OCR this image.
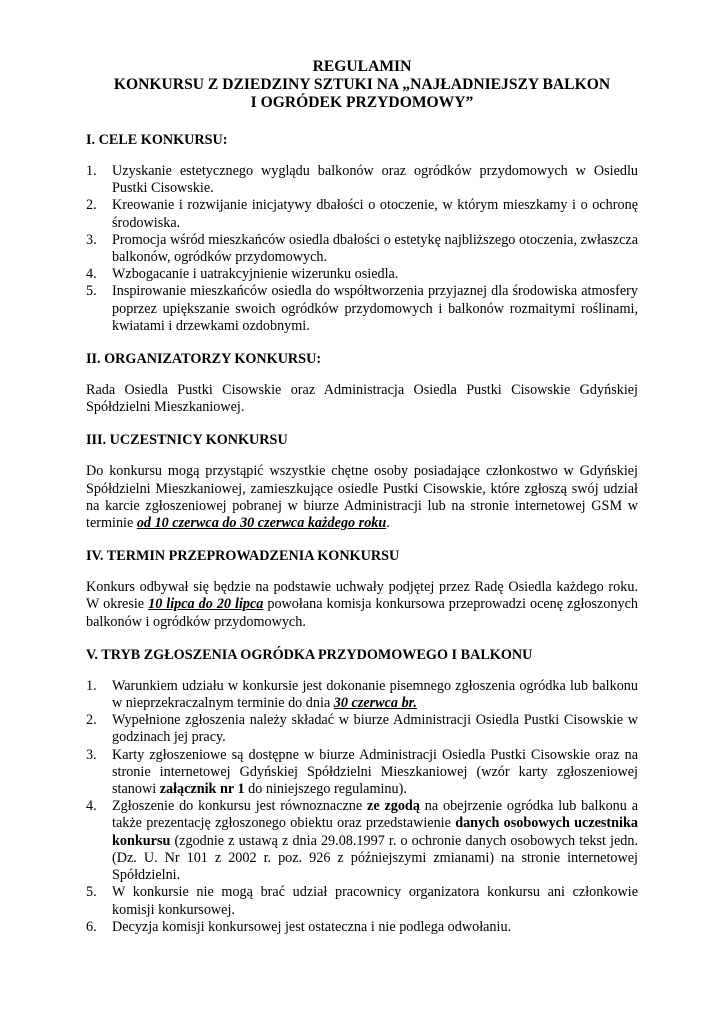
REGULAMIN

KONKURSU Z DZIEDZINY SZTUKI NA „NAJŁADNIEJSZY BALKON

I OGRÓDEK PRZYDOMOWY”

I. CELE KONKURSU:
1. Uzyskanie estetycznego wyglądu balkonów oraz ogródków przydomowych w Osiedlu Pustki Cisowskie.
2. Kreowanie i rozwijanie inicjatywy dbałości o otoczenie, w którym mieszkamy i o ochronę środowiska.
3. Promocja wśród mieszkańców osiedla dbałości o estetykę najbliższego otoczenia, zwłaszcza balkonów, ogródków przydomowych.
4. Wzbogacanie i uatrakcyjnienie wizerunku osiedla.
5. Inspirowanie mieszkańców osiedla do współtworzenia przyjaznej dla środowiska atmosfery poprzez upiększanie swoich ogródków przydomowych i balkonów rozmaitymi roślinami, kwiatami i drzewkami ozdobnymi.
II. ORGANIZATORZY KONKURSU:

Rada Osiedla Pustki Cisowskie oraz Administracja Osiedla Pustki Cisowskie Gdyńskiej Spółdzielni Mieszkaniowej.

III. UCZESTNICY KONKURSU

Do konkursu mogą przystąpić wszystkie chętne osoby posiadające członkostwo w Gdyńskiej Spółdzielni Mieszkaniowej, zamieszkujące osiedle Pustki Cisowskie, które zgłoszą swój udział na karcie zgłoszeniowej pobranej w biurze Administracji lub na stronie internetowej GSM w terminie od 10 czerwca do 30 czerwca każdego roku.

IV. TERMIN PRZEPROWADZENIA KONKURSU

Konkurs odbywał się będzie na podstawie uchwały podjętej przez Radę Osiedla każdego roku. W okresie 10 lipca do 20 lipca powołana komisja konkursowa przeprowadzi ocenę zgłoszonych balkonów i ogródków przydomowych.

V. TRYB ZGŁOSZENIA OGRÓDKA PRZYDOMOWEGO I BALKONU
1. Warunkiem udziału w konkursie jest dokonanie pisemnego zgłoszenia ogródka lub balkonu w nieprzekraczalnym terminie do dnia 30 czerwca br.
2. Wypełnione zgłoszenia należy składać w biurze Administracji Osiedla Pustki Cisowskie w godzinach jej pracy.
3. Karty zgłoszeniowe są dostępne w biurze Administracji Osiedla Pustki Cisowskie oraz na stronie internetowej Gdyńskiej Spółdzielni Mieszkaniowej (wzór karty zgłoszeniowej stanowi załącznik nr 1 do niniejszego regulaminu).
4. Zgłoszenie do konkursu jest równoznaczne ze zgodą na obejrzenie ogródka lub balkonu a także prezentację zgłoszonego obiektu oraz przedstawienie danych osobowych uczestnika konkursu (zgodnie z ustawą z dnia 29.08.1997 r. o ochronie danych osobowych tekst jedn. (Dz. U. Nr 101 z 2002 r. poz. 926 z późniejszymi zmianami) na stronie internetowej Spółdzielni.
5. W konkursie nie mogą brać udział pracownicy organizatora konkursu ani członkowie komisji konkursowej.
6. Decyzja komisji konkursowej jest ostateczna i nie podlega odwołaniu.
